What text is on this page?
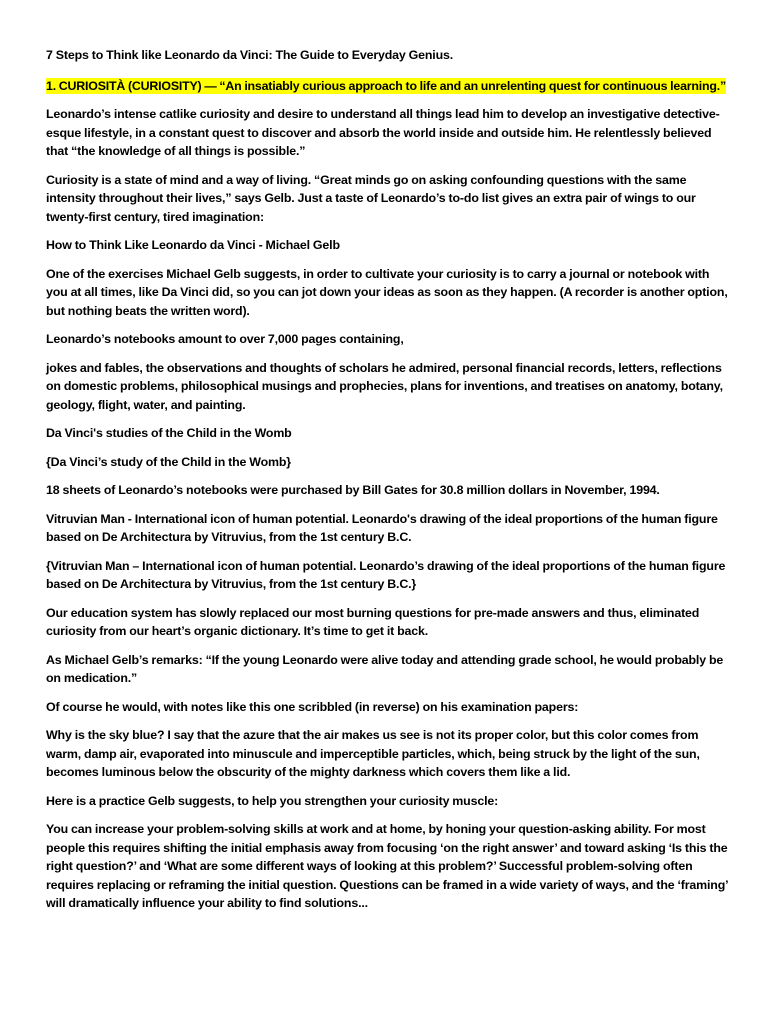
7 Steps to Think like Leonardo da Vinci: The Guide to Everyday Genius.

1. CURIOSITÀ (CURIOSITY) — “An insatiably curious approach to life and an unrelenting quest for continuous learning.”

Leonardo’s intense catlike curiosity and desire to understand all things lead him to develop an investigative detective-esque lifestyle, in a constant quest to discover and absorb the world inside and outside him. He relentlessly believed that “the knowledge of all things is possible.”

Curiosity is a state of mind and a way of living. “Great minds go on asking confounding questions with the same intensity throughout their lives,” says Gelb. Just a taste of Leonardo’s to-do list gives an extra pair of wings to our twenty-first century, tired imagination:

How to Think Like Leonardo da Vinci - Michael Gelb

One of the exercises Michael Gelb suggests, in order to cultivate your curiosity is to carry a journal or notebook with you at all times, like Da Vinci did, so you can jot down your ideas as soon as they happen. (A recorder is another option, but nothing beats the written word).

Leonardo’s notebooks amount to over 7,000 pages containing,

jokes and fables, the observations and thoughts of scholars he admired, personal financial records, letters, reflections on domestic problems, philosophical musings and prophecies, plans for inventions, and treatises on anatomy, botany, geology, flight, water, and painting.

Da Vinci's studies of the Child in the Womb

{Da Vinci’s study of the Child in the Womb}

18 sheets of Leonardo’s notebooks were purchased by Bill Gates for 30.8 million dollars in November, 1994.

Vitruvian Man - International icon of human potential. Leonardo's drawing of the ideal proportions of the human figure based on De Architectura by Vitruvius, from the 1st century B.C.

{Vitruvian Man – International icon of human potential. Leonardo’s drawing of the ideal proportions of the human figure based on De Architectura by Vitruvius, from the 1st century B.C.}

Our education system has slowly replaced our most burning questions for pre-made answers and thus, eliminated curiosity from our heart’s organic dictionary. It’s time to get it back.

As Michael Gelb’s remarks: “If the young Leonardo were alive today and attending grade school, he would probably be on medication.”

Of course he would, with notes like this one scribbled (in reverse) on his examination papers:

Why is the sky blue? I say that the azure that the air makes us see is not its proper color, but this color comes from warm, damp air, evaporated into minuscule and imperceptible particles, which, being struck by the light of the sun, becomes luminous below the obscurity of the mighty darkness which covers them like a lid.

Here is a practice Gelb suggests, to help you strengthen your curiosity muscle:

You can increase your problem-solving skills at work and at home, by honing your question-asking ability. For most people this requires shifting the initial emphasis away from focusing ‘on the right answer’ and toward asking ‘Is this the right question?’ and ‘What are some different ways of looking at this problem?’ Successful problem-solving often requires replacing or reframing the initial question. Questions can be framed in a wide variety of ways, and the ‘framing’ will dramatically influence your ability to find solutions...
